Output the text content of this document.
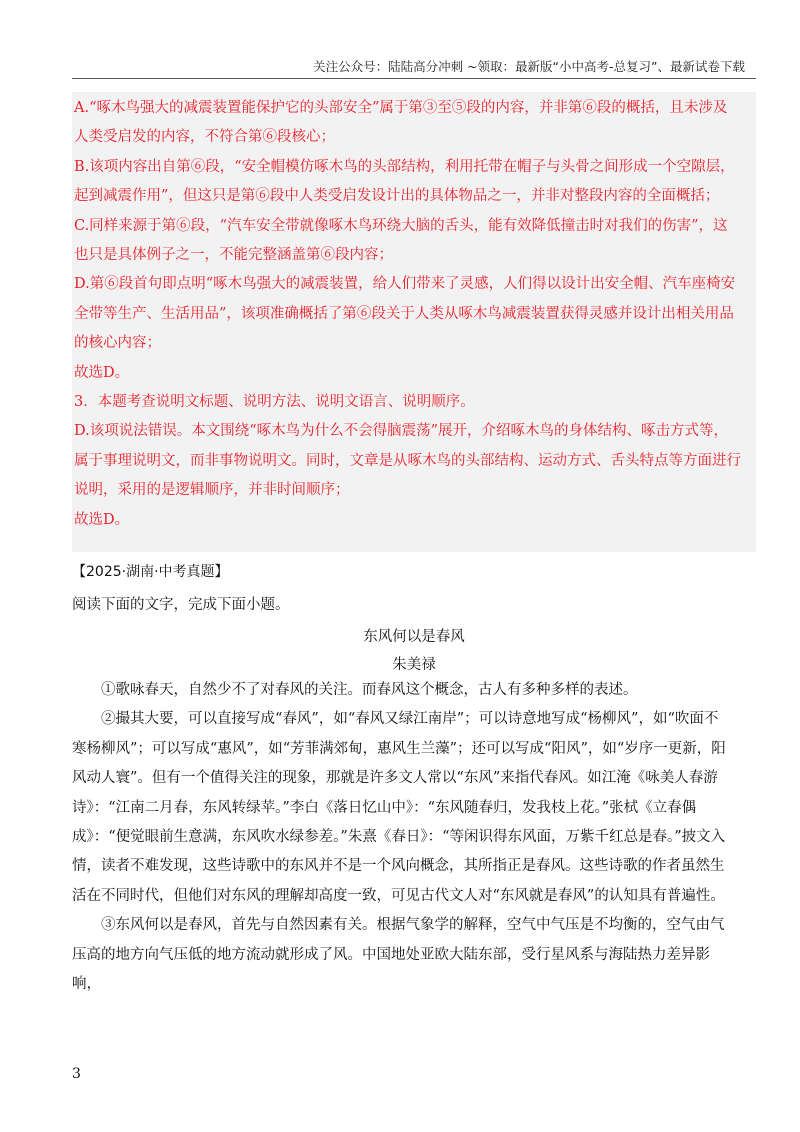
关注公众号：陆陆高分冲刺 ~领取：最新版“小中高考-总复习”、最新试卷下载

A.“啄木鸟强大的减震装置能保护它的头部安全”属于第③至⑤段的内容，并非第⑥段的概括，且未涉及

人类受启发的内容，不符合第⑥段核心；

B.该项内容出自第⑥段，“安全帽模仿啄木鸟的头部结构，利用托带在帽子与头骨之间形成一个空隙层，

起到减震作用”，但这只是第⑥段中人类受启发设计出的具体物品之一，并非对整段内容的全面概括；

C.同样来源于第⑥段，“汽车安全带就像啄木鸟环绕大脑的舌头，能有效降低撞击时对我们的伤害”，这

也只是具体例子之一，不能完整涵盖第⑥段内容；

D.第⑥段首句即点明“啄木鸟强大的减震装置，给人们带来了灵感，人们得以设计出安全帽、汽车座椅安

全带等生产、生活用品”，该项准确概括了第⑥段关于人类从啄木鸟减震装置获得灵感并设计出相关用品

的核心内容；

故选D。

3．本题考查说明文标题、说明方法、说明文语言、说明顺序。

D.该项说法错误。本文围绕“啄木鸟为什么不会得脑震荡”展开，介绍啄木鸟的身体结构、啄击方式等，

属于事理说明文，而非事物说明文。同时，文章是从啄木鸟的头部结构、运动方式、舌头特点等方面进行

说明，采用的是逻辑顺序，并非时间顺序；

故选D。

【2025·湖南·中考真题】
阅读下面的文字，完成下面小题。
东风何以是春风
朱美禄

①歌咏春天，自然少不了对春风的关注。而春风这个概念，古人有多种多样的表述。

②撮其大要，可以直接写成“春风”，如“春风又绿江南岸”；可以诗意地写成“杨柳风”，如“吹面不寒杨柳风”；可以写成“惠风”，如“芳菲满郊甸，惠风生兰藻”；还可以写成“阳风”，如“岁序一更新，阳风动人寰”。但有一个值得关注的现象，那就是许多文人常以“东风”来指代春风。如江淹《咏美人春游诗》：“江南二月春，东风转绿苹。”李白《落日忆山中》：“东风随春归，发我枝上花。”张栻《立春偶成》：“便觉眼前生意满，东风吹水绿参差。”朱熹《春日》：“等闲识得东风面，万紫千红总是春。”披文入情，读者不难发现，这些诗歌中的东风并不是一个风向概念，其所指正是春风。这些诗歌的作者虽然生活在不同时代，但他们对东风的理解却高度一致，可见古代文人对“东风就是春风”的认知具有普遍性。

③东风何以是春风，首先与自然因素有关。根据气象学的解释，空气中气压是不均衡的，空气由气压高的地方向气压低的地方流动就形成了风。中国地处亚欧大陆东部，受行星风系与海陆热力差异影响，

3
